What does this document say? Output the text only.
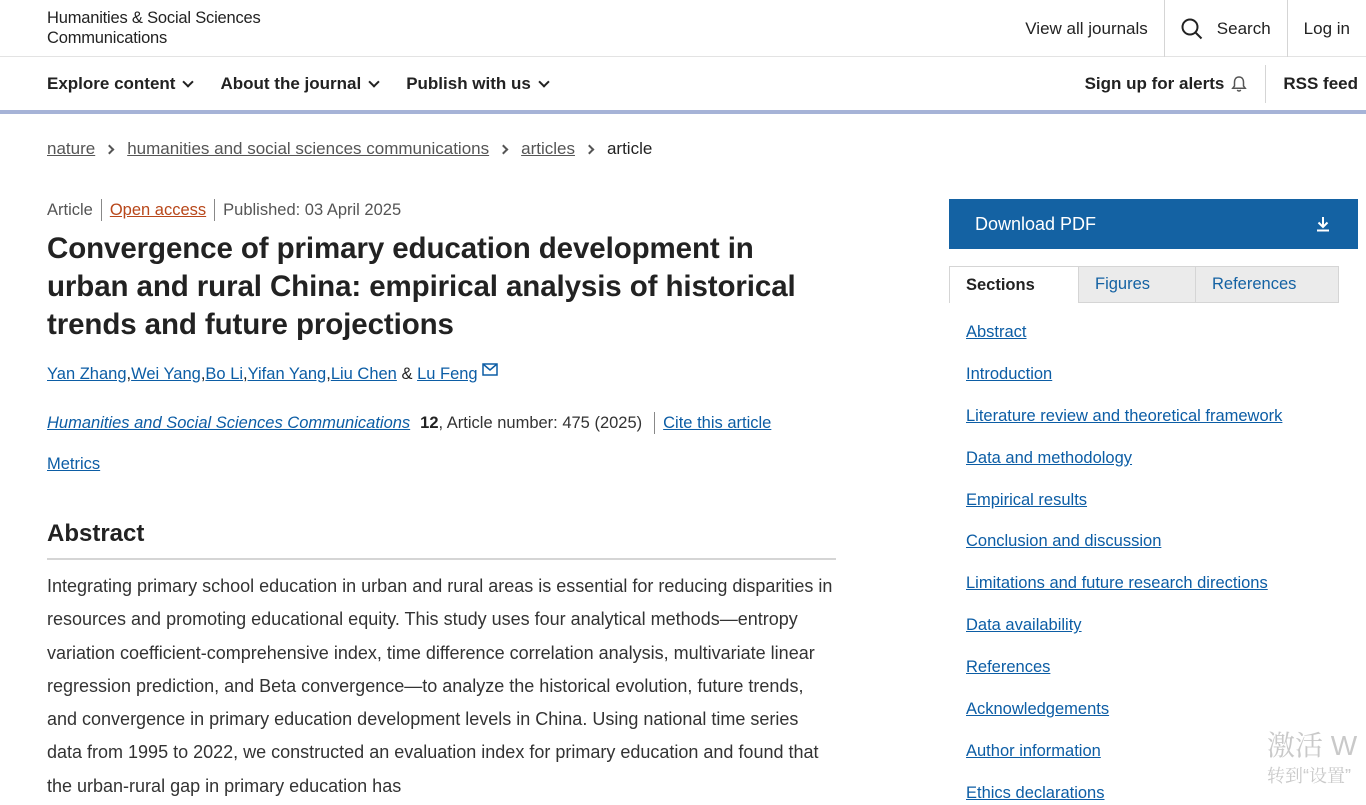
Humanities & Social Sciences
Communications
View all journals	Search	Log in
Explore content	About the journal	Publish with us	Sign up for alerts	RSS feed
nature humanities and social sciences communications articles article
Article	Open access	Published: 03 April 2025
Convergence of primary education development in urban and rural China: empirical analysis of historical trends and future projections
Yan Zhang , Wei Yang , Bo Li , Yifan Yang , Liu Chen & Lu Feng
Humanities and Social Sciences Communications 12 , Article number: 475 (2025)	Cite this article
Metrics
Abstract

Integrating primary school education in urban and rural areas is essential for reducing disparities in resources and promoting educational equity. This study uses four analytical methods—entropy variation coefficient-comprehensive index, time difference correlation analysis, multivariate linear regression prediction, and Beta convergence—to analyze the historical evolution, future trends, and convergence in primary education development levels in China. Using national time series data from 1995 to 2022, we constructed an evaluation index for primary education and found that the urban-rural gap in primary education has

Download PDF
Sections	Figures	References
Abstract
Introduction
Literature review and theoretical framework
Data and methodology
Empirical results
Conclusion and discussion
Limitations and future research directions
Data availability
References
Acknowledgements
Author information
Ethics declarations
激活 W
转到“设置”
